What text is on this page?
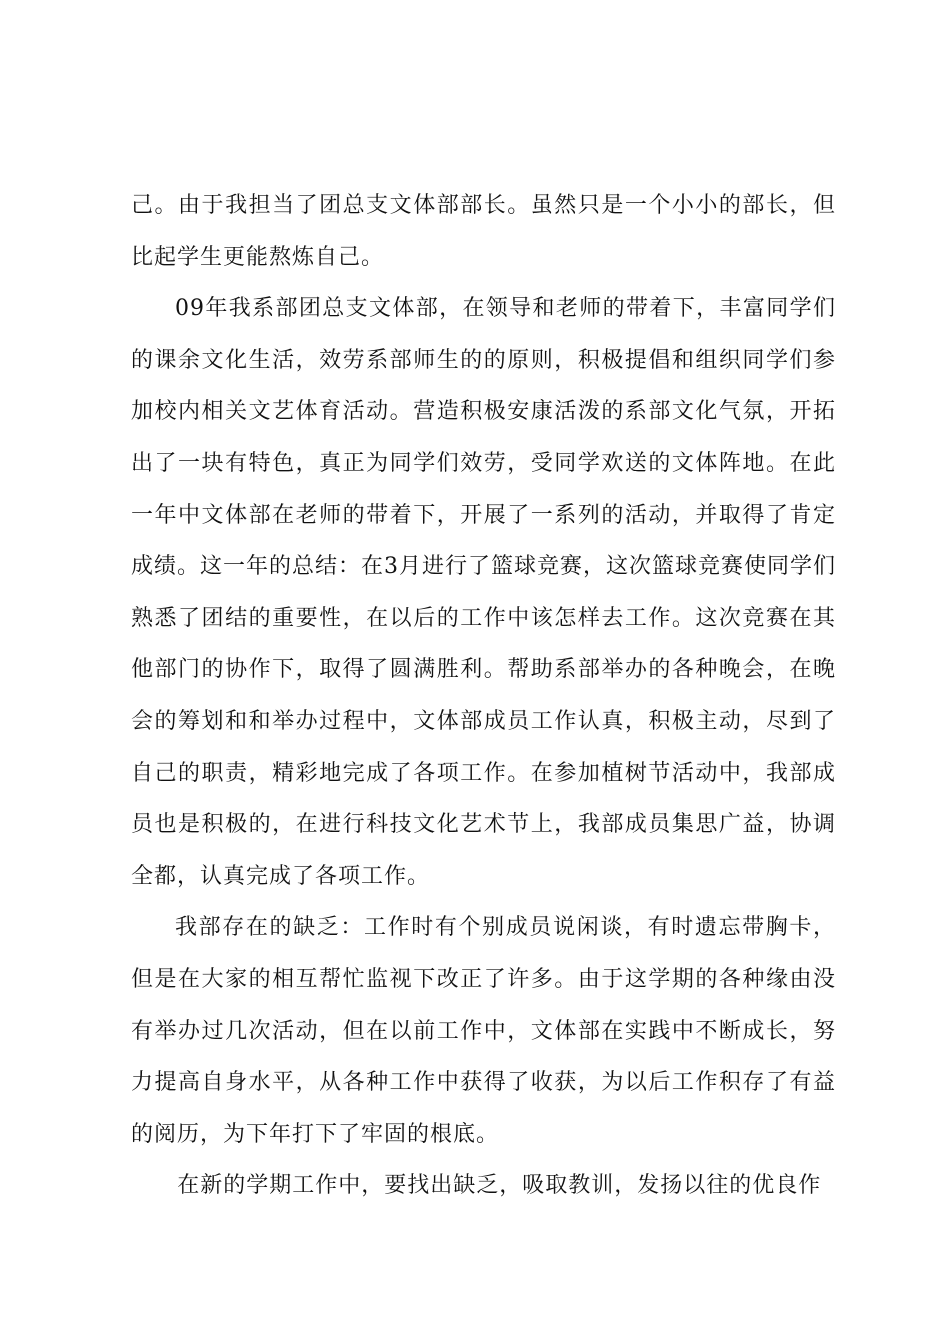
己。由于我担当了团总支文体部部长。虽然只是一个小小的部长，但比起学生更能熬炼自己。

09年我系部团总支文体部，在领导和老师的带着下，丰富同学们的课余文化生活，效劳系部师生的的原则，积极提倡和组织同学们参加校内相关文艺体育活动。营造积极安康活泼的系部文化气氛，开拓出了一块有特色，真正为同学们效劳，受同学欢送的文体阵地。在此一年中文体部在老师的带着下，开展了一系列的活动，并取得了肯定成绩。这一年的总结：在3月进行了篮球竞赛，这次篮球竞赛使同学们熟悉了团结的重要性，在以后的工作中该怎样去工作。这次竞赛在其他部门的协作下，取得了圆满胜利。帮助系部举办的各种晚会，在晚会的筹划和和举办过程中，文体部成员工作认真，积极主动，尽到了自己的职责，精彩地完成了各项工作。在参加植树节活动中，我部成员也是积极的，在进行科技文化艺术节上，我部成员集思广益，协调全都，认真完成了各项工作。

我部存在的缺乏：工作时有个别成员说闲谈，有时遗忘带胸卡，但是在大家的相互帮忙监视下改正了许多。由于这学期的各种缘由没有举办过几次活动，但在以前工作中，文体部在实践中不断成长，努力提高自身水平，从各种工作中获得了收获，为以后工作积存了有益的阅历，为下年打下了牢固的根底。

在新的学期工作中，要找出缺乏，吸取教训，发扬以往的优良作
